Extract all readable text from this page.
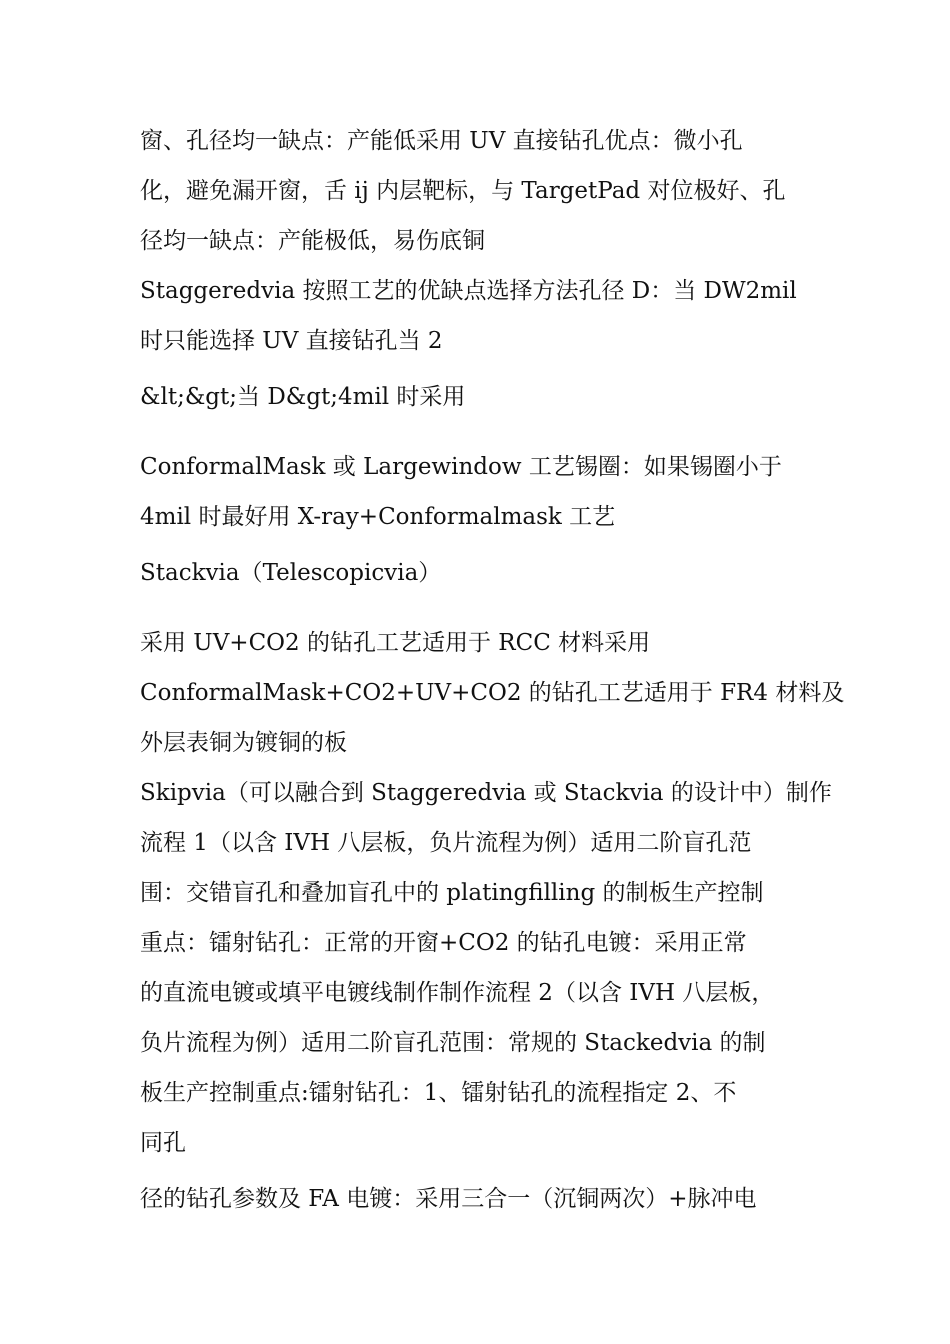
窗、孔径均一缺点：产能低采用 UV 直接钻孔优点：微小孔
化，避免漏开窗，舌 ij 内层靶标，与 TargetPad 对位极好、孔
径均一缺点：产能极低，易伤底铜

Staggeredvia 按照工艺的优缺点选择方法孔径 D：当 DW2mil
时只能选择 UV 直接钻孔当 2

&lt;&gt;当 D&gt;4mil 时采用

ConformalMask 或 Largewindow 工艺锡圈：如果锡圈小于
4mil 时最好用 X-ray+Conformalmask 工艺

Stackvia（Telescopicvia）

采用 UV+CO2 的钻孔工艺适用于 RCC 材料采用
ConformalMask+CO2+UV+CO2 的钻孔工艺适用于 FR4 材料及
外层表铜为镀铜的板

Skipvia（可以融合到 Staggeredvia 或 Stackvia 的设计中）制作
流程 1（以含 IVH 八层板，负片流程为例）适用二阶盲孔范
围：交错盲孔和叠加盲孔中的 platingfilling 的制板生产控制
重点：镭射钻孔：正常的开窗+CO2 的钻孔电镀：采用正常
的直流电镀或填平电镀线制作制作流程 2（以含 IVH 八层板，
负片流程为例）适用二阶盲孔范围：常规的 Stackedvia 的制
板生产控制重点:镭射钻孔：1、镭射钻孔的流程指定 2、不
同孔

径的钻孔参数及 FA 电镀：采用三合一（沉铜两次）+脉冲电
